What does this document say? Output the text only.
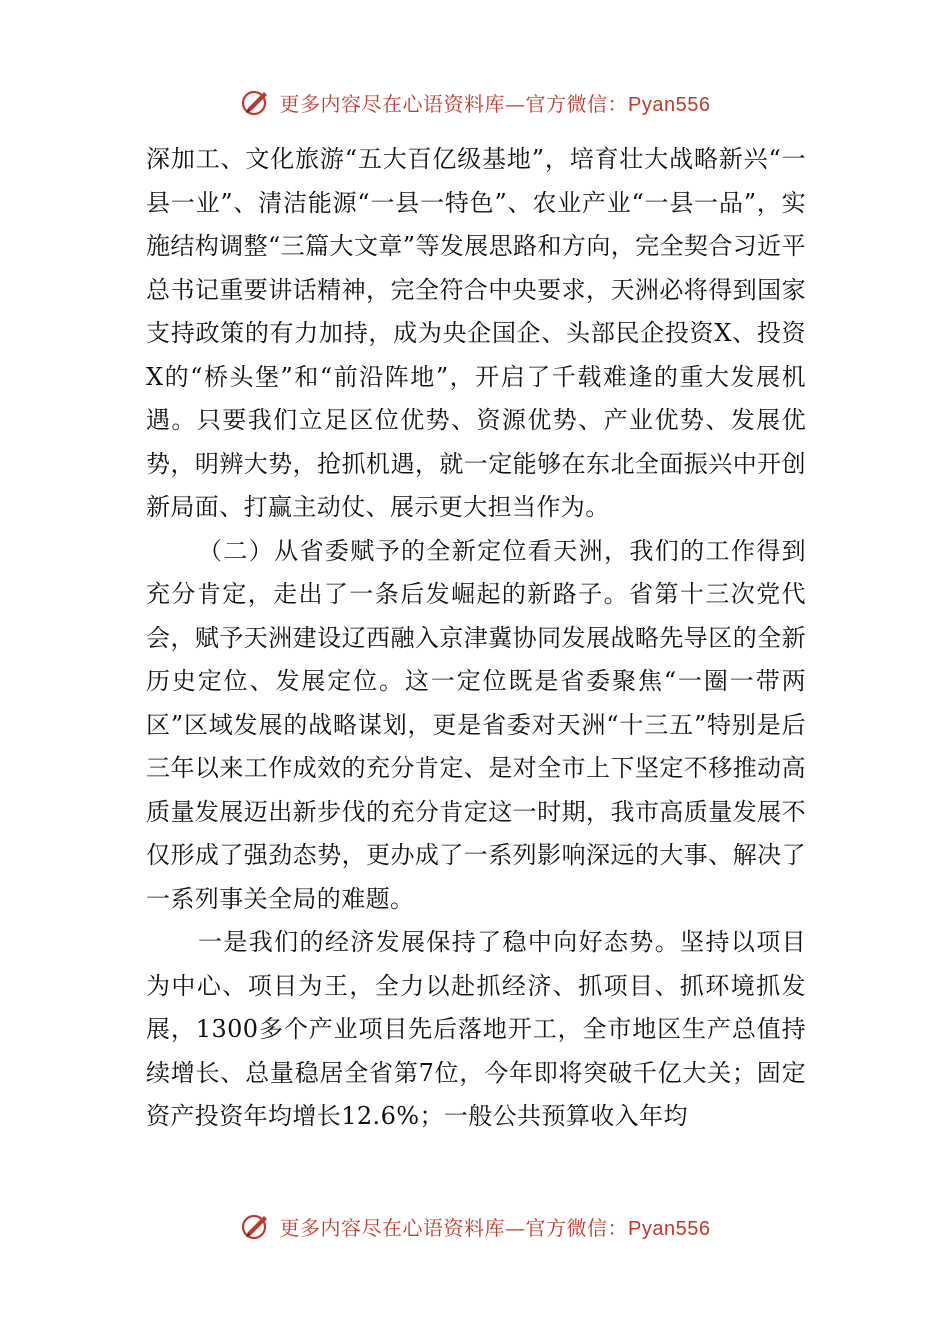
更多内容尽在心语资料库—官方微信：Pyan556

深加工、文化旅游“五大百亿级基地”，培育壮大战略新兴“一县一业”、清洁能源“一县一特色”、农业产业“一县一品”，实施结构调整“三篇大文章”等发展思路和方向，完全契合习近平总书记重要讲话精神，完全符合中央要求，天洲必将得到国家支持政策的有力加持，成为央企国企、头部民企投资X、投资X的“桥头堡”和“前沿阵地”，开启了千载难逢的重大发展机遇。只要我们立足区位优势、资源优势、产业优势、发展优势，明辨大势，抢抓机遇，就一定能够在东北全面振兴中开创新局面、打赢主动仗、展示更大担当作为。

（二）从省委赋予的全新定位看天洲，我们的工作得到充分肯定，走出了一条后发崛起的新路子。省第十三次党代会，赋予天洲建设辽西融入京津冀协同发展战略先导区的全新历史定位、发展定位。这一定位既是省委聚焦“一圈一带两区”区域发展的战略谋划，更是省委对天洲“十三五”特别是后三年以来工作成效的充分肯定、是对全市上下坚定不移推动高质量发展迈出新步伐的充分肯定这一时期，我市高质量发展不仅形成了强劲态势，更办成了一系列影响深远的大事、解决了一系列事关全局的难题。

一是我们的经济发展保持了稳中向好态势。坚持以项目为中心、项目为王，全力以赴抓经济、抓项目、抓环境抓发展，1300多个产业项目先后落地开工，全市地区生产总值持续增长、总量稳居全省第7位，今年即将突破千亿大关；固定资产投资年均增长12.6%；一般公共预算收入年均

更多内容尽在心语资料库—官方微信：Pyan556
